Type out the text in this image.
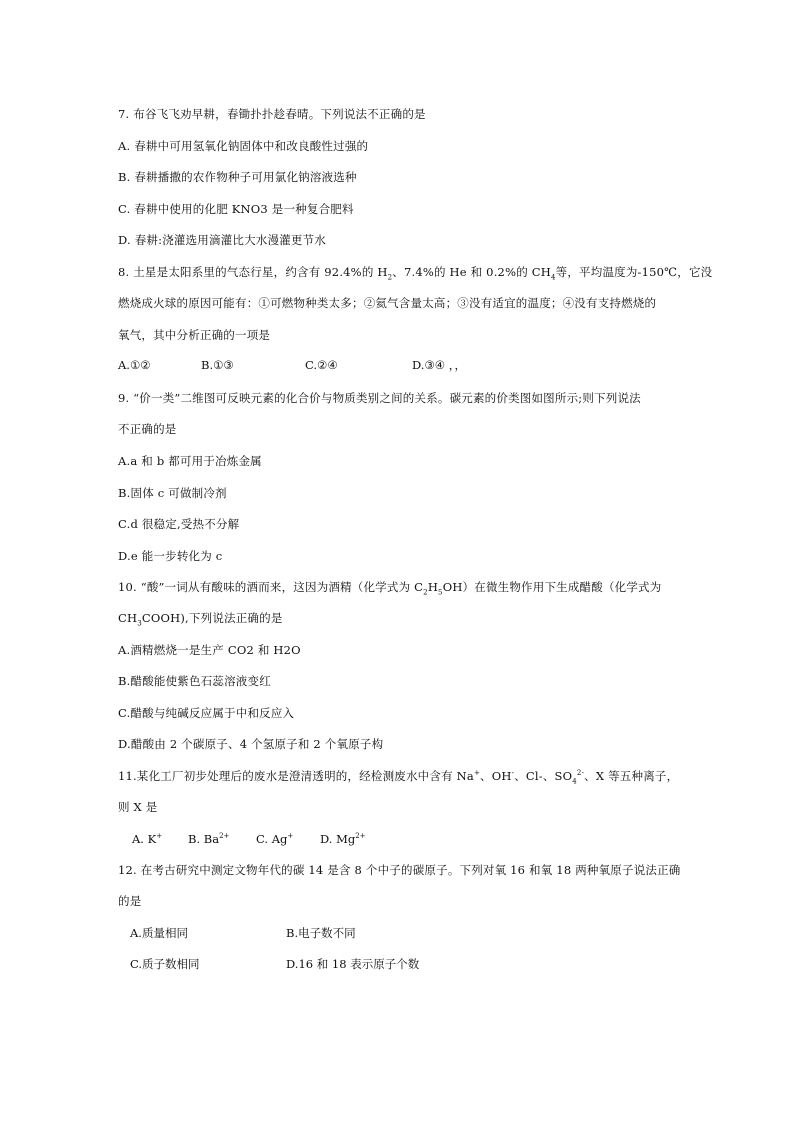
7. 布谷飞飞劝早耕，春锄扑扑趁春晴。下列说法不正确的是
A. 春耕中可用氢氧化钠固体中和改良酸性过强的
B. 春耕播撒的农作物种子可用氯化钠溶液选种
C. 春耕中使用的化肥 KNO3 是一种复合肥料
D. 春耕:浇灌选用滴灌比大水漫灌更节水
8. 土星是太阳系里的气态行星，约含有 92.4%的 $H_2$、7.4%的 He 和 0.2%的 $CH_4$等，平均温度为-150℃，它没
燃烧成火球的原因可能有：①可燃物种类太多；②氦气含量太高；③没有适宜的温度；④没有支持燃烧的
氧气，其中分析正确的一项是
A.①②	B.①③	C.②④	D.③④ ，，
9. “价一类”二维图可反映元素的化合价与物质类别之间的关系。碳元素的价类图如图所示;则下列说法
不正确的是
A.a 和 b 都可用于冶炼金属
B.固体 c 可做制冷剂
C.d 很稳定,受热不分解
D.e 能一步转化为 c
10. “酸”一词从有酸味的酒而来，这因为酒精（化学式为 $C_2H_5OH$）在微生物作用下生成醋酸（化学式为
$CH_3COOH$),下列说法正确的是
A.酒精燃烧一是生产 CO2 和 H2O
B.醋酸能使紫色石蕊溶液变红
C.醋酸与纯碱反应属于中和反应入
D.醋酸由 2 个碳原子、4 个氢原子和 2 个氧原子构
11.某化工厂初步处理后的废水是澄清透明的，经检测废水中含有 Na+、OH-、Cl-、$SO_4^{2-}$、X 等五种离子，
则 X 是
A. K+ B. $Ba^{2+}$ C. Ag+ D. $Mg^{2+}$
12. 在考古研究中测定文物年代的碳 14 是含 8 个中子的碳原子。下列对氧 16 和氧 18 两种氧原子说法正确
的是
A.质量相同	B.电子数不同
C.质子数相同	D.16 和 18 表示原子个数
